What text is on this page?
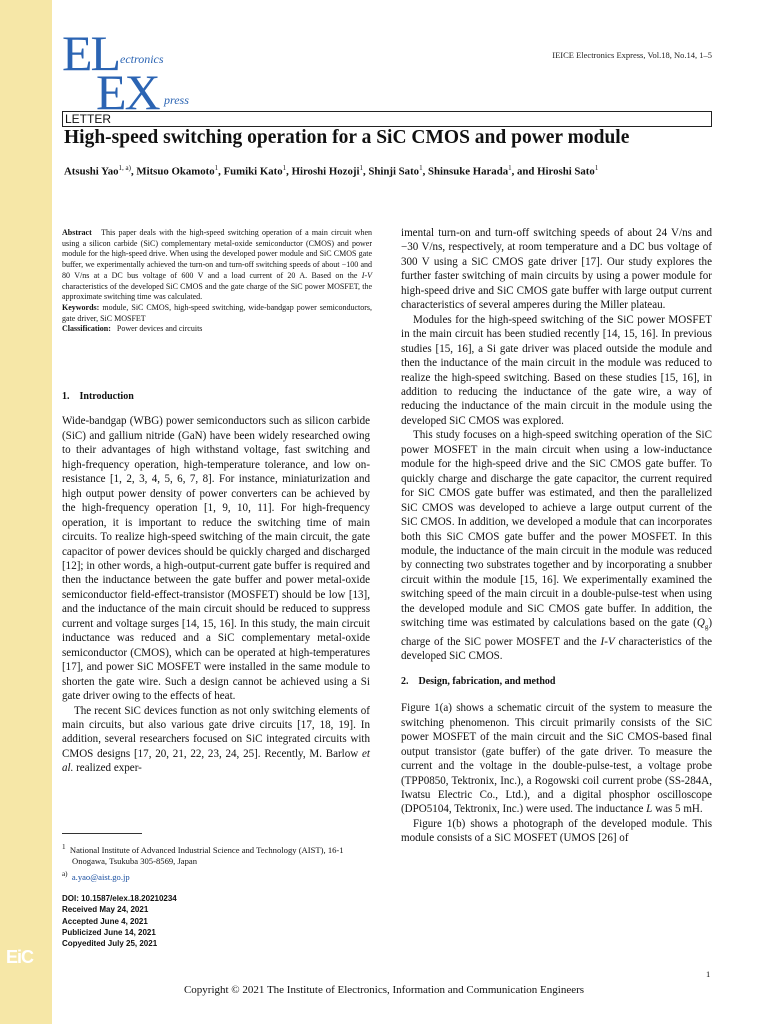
EiC
EL ectronics
EX press
IEICE Electronics Express, Vol.18, No.14, 1–5
LETTER
High-speed switching operation for a SiC CMOS and power module
Atsushi Yao$^{1, a)}$, Mitsuo Okamoto$^1$, Fumiki Kato$^1$, Hiroshi Hozoji$^1$, Shinji Sato$^1$, Shinsuke Harada$^1$, and Hiroshi Sato$^1$

Abstract This paper deals with the high-speed switching operation of a main circuit when using a silicon carbide (SiC) complementary metal-oxide semiconductor (CMOS) and power module for the high-speed drive. When using the developed power module and SiC CMOS gate buffer, we experimentally achieved the turn-on and turn-off switching speeds of about −100 and 80 V/ns at a DC bus voltage of 600 V and a load current of 20 A. Based on the I-V characteristics of the developed SiC CMOS and the gate charge of the SiC power MOSFET, the approximate switching time was calculated.

Keywords: module, SiC CMOS, high-speed switching, wide-bandgap power semiconductors, gate driver, SiC MOSFET

Classification: Power devices and circuits

1.    Introduction

Wide-bandgap (WBG) power semiconductors such as silicon carbide (SiC) and gallium nitride (GaN) have been widely researched owing to their advantages of high withstand voltage, fast switching and high-frequency operation, high-temperature tolerance, and low on-resistance [1, 2, 3, 4, 5, 6, 7, 8]. For instance, miniaturization and high output power density of power converters can be achieved by the high-frequency operation [1, 9, 10, 11]. For high-frequency operation, it is important to reduce the switching time of main circuits. To realize high-speed switching of the main circuit, the gate capacitor of power devices should be quickly charged and discharged [12]; in other words, a high-output-current gate buffer is required and then the inductance between the gate buffer and power metal-oxide semiconductor field-effect-transistor (MOSFET) should be low [13], and the inductance of the main circuit should be reduced to suppress current and voltage surges [14, 15, 16]. In this study, the main circuit inductance was reduced and a SiC complementary metal-oxide semiconductor (CMOS), which can be operated at high-temperatures [17], and power SiC MOSFET were installed in the same module to shorten the gate wire. Such a design cannot be achieved using a Si gate driver owing to the effects of heat.

The recent SiC devices function as not only switching elements of main circuits, but also various gate drive circuits [17, 18, 19]. In addition, several researchers focused on SiC integrated circuits with CMOS designs [17, 20, 21, 22, 23, 24, 25]. Recently, M. Barlow et al. realized exper-

imental turn-on and turn-off switching speeds of about 24 V/ns and −30 V/ns, respectively, at room temperature and a DC bus voltage of 300 V using a SiC CMOS gate driver [17]. Our study explores the further faster switching of main circuits by using a power module for high-speed drive and SiC CMOS gate buffer with large output current characteristics of several amperes during the Miller plateau.

Modules for the high-speed switching of the SiC power MOSFET in the main circuit has been studied recently [14, 15, 16]. In previous studies [15, 16], a Si gate driver was placed outside the module and then the inductance of the main circuit in the module was reduced to realize the high-speed switching. Based on these studies [15, 16], in addition to reducing the inductance of the gate wire, a way of reducing the inductance of the main circuit in the module using the developed SiC CMOS was explored.

This study focuses on a high-speed switching operation of the SiC power MOSFET in the main circuit when using a low-inductance module for the high-speed drive and the SiC CMOS gate buffer. To quickly charge and discharge the gate capacitor, the current required for SiC CMOS gate buffer was estimated, and then the parallelized SiC CMOS was developed to achieve a large output current of the SiC CMOS. In addition, we developed a module that can incorporates both this SiC CMOS gate buffer and the power MOSFET. In this module, the inductance of the main circuit in the module was reduced by connecting two substrates together and by incorporating a snubber circuit within the module [15, 16]. We experimentally examined the switching speed of the main circuit in a double-pulse-test when using the developed module and SiC CMOS gate buffer. In addition, the switching time was estimated by calculations based on the gate $(Q_g)$ charge of the SiC power MOSFET and the I-V characteristics of the developed SiC CMOS.

2.    Design, fabrication, and method

Figure 1(a) shows a schematic circuit of the system to measure the switching phenomenon. This circuit primarily consists of the SiC power MOSFET of the main circuit and the SiC CMOS-based final output transistor (gate buffer) of the gate driver. To measure the current and the voltage in the double-pulse-test, a voltage probe (TPP0850, Tektronix, Inc.), a Rogowski coil current probe (SS-284A, Iwatsu Electric Co., Ltd.), and a digital phosphor oscilloscope (DPO5104, Tektronix, Inc.) were used. The inductance L was 5 mH.

Figure 1(b) shows a photograph of the developed module. This module consists of a SiC MOSFET (UMOS [26] of

$^1$ National Institute of Advanced Industrial Science and Technology (AIST), 16-1 Onogawa, Tsukuba 305-8569, Japan
$^{a)}$ a.yao@aist.go.jp
DOI: 10.1587/elex.18.20210234
Received May 24, 2021
Accepted June 4, 2021
Publicized June 14, 2021
Copyedited July 25, 2021
1
Copyright © 2021 The Institute of Electronics, Information and Communication Engineers
